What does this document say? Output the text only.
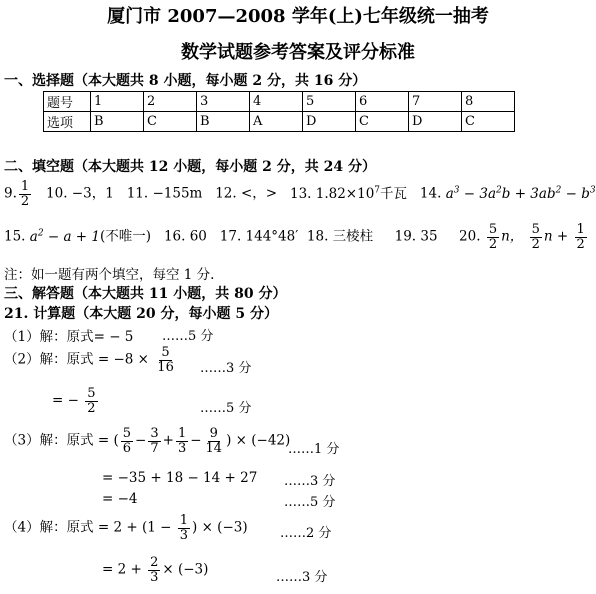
厦门市 2007—2008 学年(上)七年级统一抽考
数学试题参考答案及评分标准
一、选择题（本大题共 8 小题，每小题 2 分，共 16 分）
题号	1	2	3	4	5	6	7	8
选项	B	C	B	A	D	C	D	C
二、填空题（本大题共 12 小题，每小题 2 分，共 24 分）
9. $\frac{1}{2} 10$. −3，1 11. −155m 12. <，> 13. $1.82\times 10^7$千瓦 14. $a^3 - 3a^2b + 3ab^2 - b^3$
15. $a^2 - a + 1$(不唯一) 16. 60 17. 144°48′ 18. 三棱柱 19. 35 20. $\frac{5}{2}$ n， $\frac{5}{2}$ $n + \frac{1}{2}$
注：如一题有两个填空，每空 1 分.
三、解答题（本大题共 11 小题，共 80 分）
21. 计算题（本大题 20 分，每小题 5 分）
（1）解：原式= − 5 ……5 分
（2）解：原式 = $-8 \times \frac{5}{16}$ ……3 分
= − $\frac{5}{2}$	……5 分
（3）解：原式 = ( $\frac{5}{6} - \frac{3}{7} + \frac{1}{3} - \frac{9}{14}$ ) × (−42)
……1 分
= −35 + 18 − 14 + 27 ……3 分
= −4	……5 分
（4）解：原式 = $2 + (1 - \frac{1}{3}$ ) × (−3) ……2 分
= $2 + \frac{2}{3} \times (-3)$	……3 分
